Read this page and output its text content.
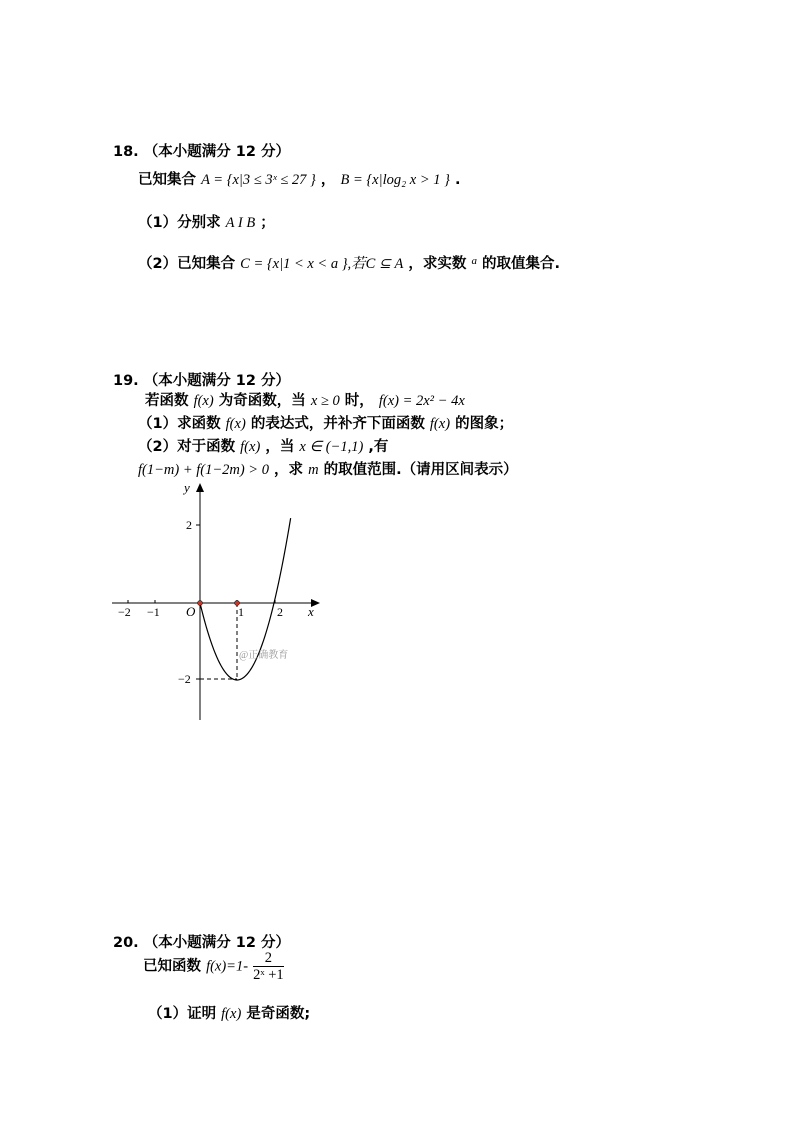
18. （本小题满分 12 分）
已知集合 A = {x|3 ≤ 3ˣ ≤ 27 } ， B = {x|log₂ x > 1 } .
（1）分别求 A I B ；
（2）已知集合 C = {x|1 < x < a },若C ⊆ A ，求实数 $^a$ 的取值集合.
19. （本小题满分 12 分）
若函数 f(x) 为奇函数，当 x ≥ 0 时， f(x) = 2x² − 4x
（1）求函数 f(x) 的表达式，并补齐下面函数 f(x) 的图象；
（2）对于函数 f(x) ，当 x ∈ (−1,1) ,有
f(1−m) + f(1−2m) > 0 ，求 m 的取值范围.（请用区间表示）
y
x
O
−2 −1	1	2
2
−2
@正确教育
20. （本小题满分 12 分）
已知函数 $f(x)=1- \frac{2}{\text{2ˣ +1}}$
（1）证明 f(x) 是奇函数;
